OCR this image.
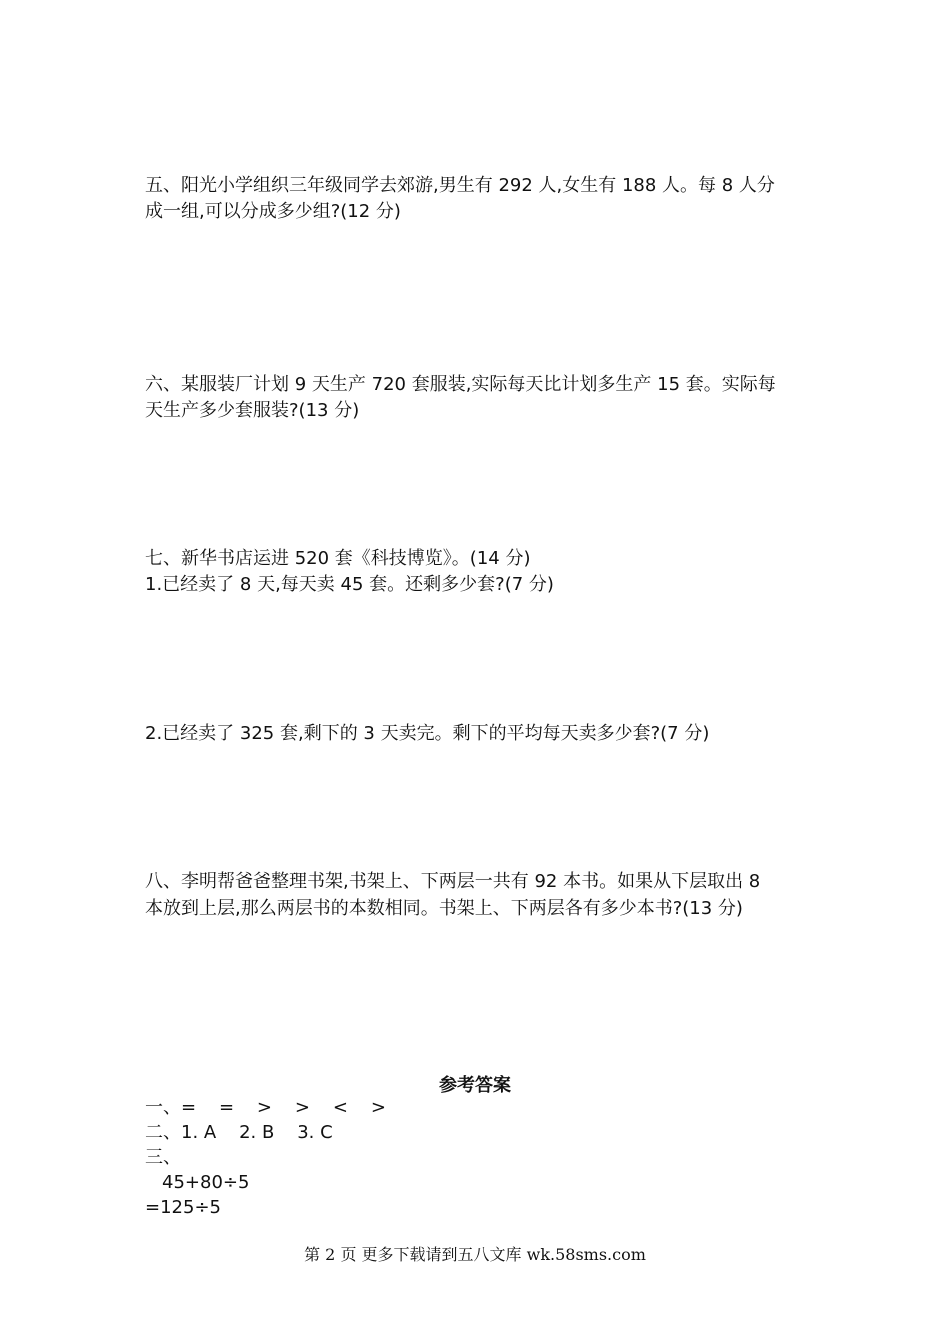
五、阳光小学组织三年级同学去郊游,男生有 292 人,女生有 188 人。每 8 人分
成一组,可以分成多少组?(12 分)
六、某服装厂计划 9 天生产 720 套服装,实际每天比计划多生产 15 套。实际每
天生产多少套服装?(13 分)
七、新华书店运进 520 套《科技博览》。(14 分)
1.已经卖了 8 天,每天卖 45 套。还剩多少套?(7 分)
2.已经卖了 325 套,剩下的 3 天卖完。剩下的平均每天卖多少套?(7 分)
八、李明帮爸爸整理书架,书架上、下两层一共有 92 本书。如果从下层取出 8
本放到上层,那么两层书的本数相同。书架上、下两层各有多少本书?(13 分)
参考答案
一、=    =    >    >    <    >
二、1. A    2. B    3. C
三、
45+80÷5
=125÷5
第 2 页 更多下载请到五八文库 wk.58sms.com
